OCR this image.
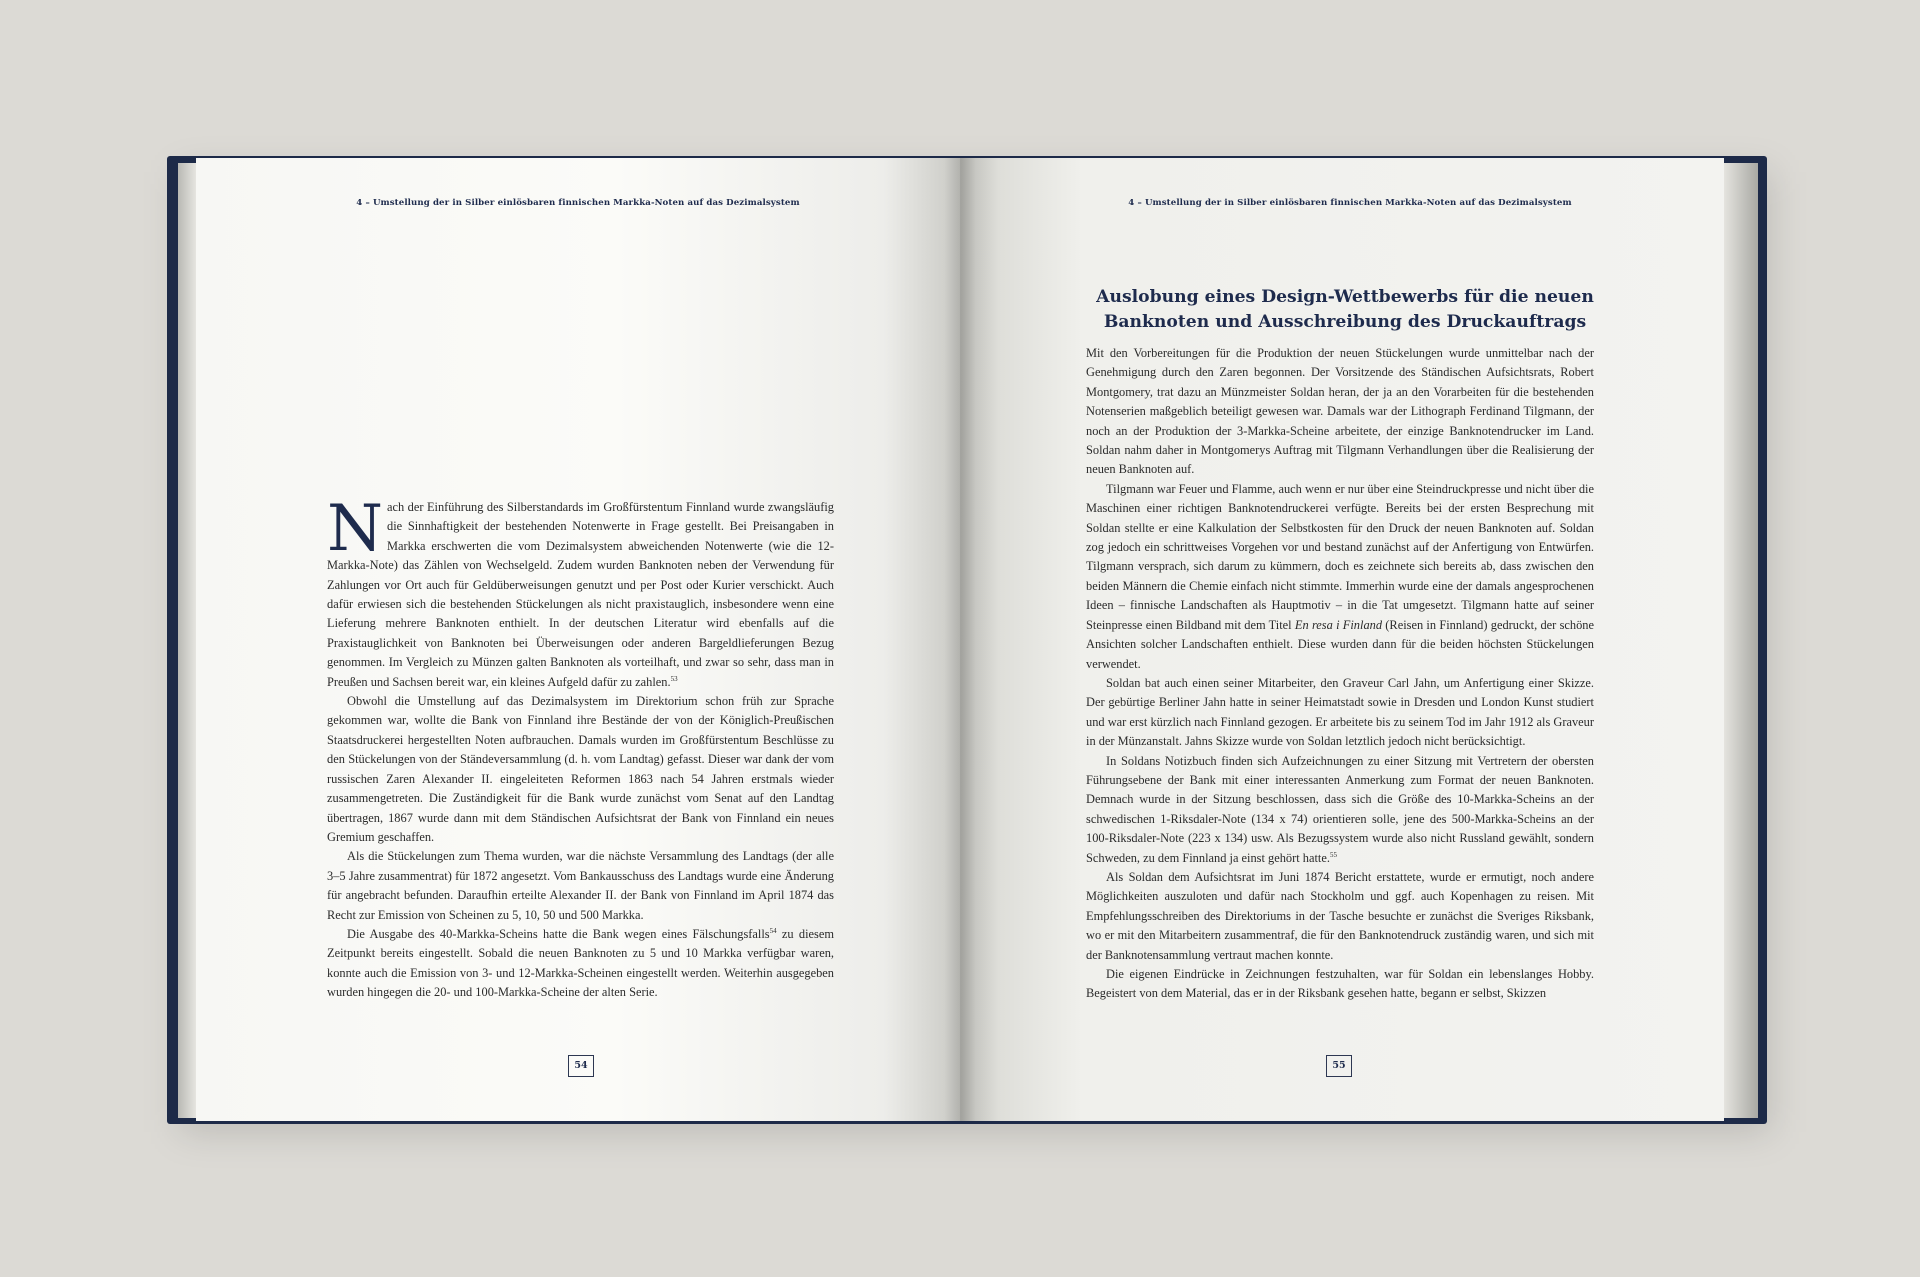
4 – Umstellung der in Silber einlösbaren finnischen Markka-Noten auf das Dezimalsystem

Nach der Einführung des Silberstandards im Großfürstentum Finnland wurde zwangsläufig die Sinnhaftigkeit der bestehenden Notenwerte in Frage gestellt. Bei Preisangaben in Markka erschwerten die vom Dezimalsystem abweichenden Notenwerte (wie die 12-Markka-Note) das Zählen von Wechselgeld. Zudem wurden Banknoten neben der Verwendung für Zahlungen vor Ort auch für Geldüberweisungen genutzt und per Post oder Kurier verschickt. Auch dafür erwiesen sich die bestehenden Stückelungen als nicht praxistauglich, insbesondere wenn eine Lieferung mehrere Banknoten enthielt. In der deutschen Literatur wird ebenfalls auf die Praxistauglichkeit von Banknoten bei Überweisungen oder anderen Bargeldlieferungen Bezug genommen. Im Vergleich zu Münzen galten Banknoten als vorteilhaft, und zwar so sehr, dass man in Preußen und Sachsen bereit war, ein kleines Aufgeld dafür zu zahlen.$^{53}$

Obwohl die Umstellung auf das Dezimalsystem im Direktorium schon früh zur Sprache gekommen war, wollte die Bank von Finnland ihre Bestände der von der Königlich-Preußischen Staatsdruckerei hergestellten Noten aufbrauchen. Damals wurden im Großfürstentum Beschlüsse zu den Stückelungen von der Ständeversammlung (d. h. vom Landtag) gefasst. Dieser war dank der vom russischen Zaren Alexander II. eingeleiteten Reformen 1863 nach 54 Jahren erstmals wieder zusammengetreten. Die Zuständigkeit für die Bank wurde zunächst vom Senat auf den Landtag übertragen, 1867 wurde dann mit dem Ständischen Aufsichtsrat der Bank von Finnland ein neues Gremium geschaffen.

Als die Stückelungen zum Thema wurden, war die nächste Versammlung des Landtags (der alle 3–5 Jahre zusammentrat) für 1872 angesetzt. Vom Bankausschuss des Landtags wurde eine Änderung für angebracht befunden. Daraufhin erteilte Alexander II. der Bank von Finnland im April 1874 das Recht zur Emission von Scheinen zu 5, 10, 50 und 500 Markka.

Die Ausgabe des 40-Markka-Scheins hatte die Bank wegen eines Fälschungsfalls$^{54}$ zu diesem Zeitpunkt bereits eingestellt. Sobald die neuen Banknoten zu 5 und 10 Markka verfügbar waren, konnte auch die Emission von 3- und 12-Markka-Scheinen eingestellt werden. Weiterhin ausgegeben wurden hingegen die 20- und 100-Markka-Scheine der alten Serie.

54
4 – Umstellung der in Silber einlösbaren finnischen Markka-Noten auf das Dezimalsystem
Auslobung eines Design-Wettbewerbs für die neuen
Banknoten und Ausschreibung des Druckauftrags

Mit den Vorbereitungen für die Produktion der neuen Stückelungen wurde unmittelbar nach der Genehmigung durch den Zaren begonnen. Der Vorsitzende des Ständischen Aufsichtsrats, Robert Montgomery, trat dazu an Münzmeister Soldan heran, der ja an den Vorarbeiten für die bestehenden Notenserien maßgeblich beteiligt gewesen war. Damals war der Lithograph Ferdinand Tilgmann, der noch an der Produktion der 3-Markka-Scheine arbeitete, der einzige Banknotendrucker im Land. Soldan nahm daher in Montgomerys Auftrag mit Tilgmann Verhandlungen über die Realisierung der neuen Banknoten auf.

Tilgmann war Feuer und Flamme, auch wenn er nur über eine Steindruckpresse und nicht über die Maschinen einer richtigen Banknotendruckerei verfügte. Bereits bei der ersten Besprechung mit Soldan stellte er eine Kalkulation der Selbstkosten für den Druck der neuen Banknoten auf. Soldan zog jedoch ein schrittweises Vorgehen vor und bestand zunächst auf der Anfertigung von Entwürfen. Tilgmann versprach, sich darum zu kümmern, doch es zeichnete sich bereits ab, dass zwischen den beiden Männern die Chemie einfach nicht stimmte. Immerhin wurde eine der damals angesprochenen Ideen – finnische Landschaften als Hauptmotiv – in die Tat umgesetzt. Tilgmann hatte auf seiner Steinpresse einen Bildband mit dem Titel En resa i Finland (Reisen in Finnland) gedruckt, der schöne Ansichten solcher Landschaften enthielt. Diese wurden dann für die beiden höchsten Stückelungen verwendet.

Soldan bat auch einen seiner Mitarbeiter, den Graveur Carl Jahn, um Anfertigung einer Skizze. Der gebürtige Berliner Jahn hatte in seiner Heimatstadt sowie in Dresden und London Kunst studiert und war erst kürzlich nach Finnland gezogen. Er arbeitete bis zu seinem Tod im Jahr 1912 als Graveur in der Münzanstalt. Jahns Skizze wurde von Soldan letztlich jedoch nicht berücksichtigt.

In Soldans Notizbuch finden sich Aufzeichnungen zu einer Sitzung mit Vertretern der obersten Führungsebene der Bank mit einer interessanten Anmerkung zum Format der neuen Banknoten. Demnach wurde in der Sitzung beschlossen, dass sich die Größe des 10-Markka-Scheins an der schwedischen 1-Riksdaler-Note (134 x 74) orientieren solle, jene des 500-Markka-Scheins an der 100-Riksdaler-Note (223 x 134) usw. Als Bezugssystem wurde also nicht Russland gewählt, sondern Schweden, zu dem Finnland ja einst gehört hatte.$^{55}$

Als Soldan dem Aufsichtsrat im Juni 1874 Bericht erstattete, wurde er ermutigt, noch andere Möglichkeiten auszuloten und dafür nach Stockholm und ggf. auch Kopenhagen zu reisen. Mit Empfehlungsschreiben des Direktoriums in der Tasche besuchte er zunächst die Sveriges Riksbank, wo er mit den Mitarbeitern zusammentraf, die für den Banknotendruck zuständig waren, und sich mit der Banknotensammlung vertraut machen konnte.

Die eigenen Eindrücke in Zeichnungen festzuhalten, war für Soldan ein lebenslanges Hobby. Begeistert von dem Material, das er in der Riksbank gesehen hatte, begann er selbst, Skizzen

55
